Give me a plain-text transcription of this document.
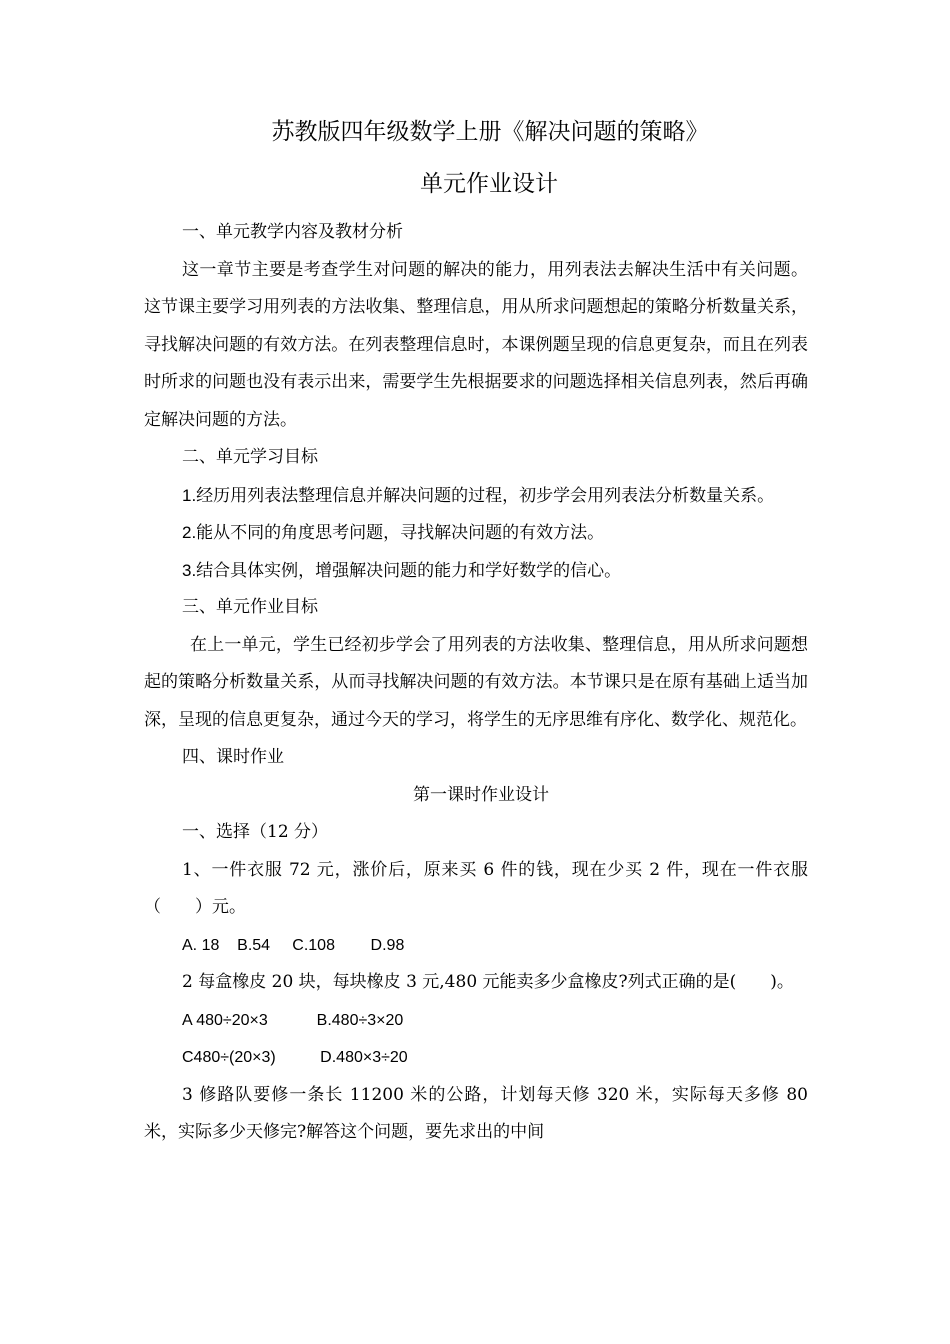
苏教版四年级数学上册《解决问题的策略》
单元作业设计

一、单元教学内容及教材分析

这一章节主要是考查学生对问题的解决的能力，用列表法去解决生活中有关问题。这节课主要学习用列表的方法收集、整理信息，用从所求问题想起的策略分析数量关系，寻找解决问题的有效方法。在列表整理信息时，本课例题呈现的信息更复杂，而且在列表时所求的问题也没有表示出来，需要学生先根据要求的问题选择相关信息列表，然后再确定解决问题的方法。

二、单元学习目标

1.经历用列表法整理信息并解决问题的过程，初步学会用列表法分析数量关系。

2.能从不同的角度思考问题，寻找解决问题的有效方法。

3.结合具体实例，增强解决问题的能力和学好数学的信心。

三、单元作业目标

在上一单元，学生已经初步学会了用列表的方法收集、整理信息，用从所求问题想起的策略分析数量关系，从而寻找解决问题的有效方法。本节课只是在原有基础上适当加深，呈现的信息更复杂，通过今天的学习，将学生的无序思维有序化、数学化、规范化。

四、课时作业

第一课时作业设计

一、选择（12 分）

1、一件衣服 72 元，涨价后，原来买 6 件的钱，现在少买 2 件，现在一件衣服（　　）元。

A. 18    B.54     C.108        D.98

2 每盒橡皮 20 块，每块橡皮 3 元,480 元能卖多少盒橡皮?列式正确的是(　　)。

A 480÷20×3           B.480÷3×20

C480÷(20×3)          D.480×3÷20

3 修路队要修一条长 11200 米的公路，计划每天修 320 米，实际每天多修 80 米，实际多少天修完?解答这个问题，要先求出的中间
